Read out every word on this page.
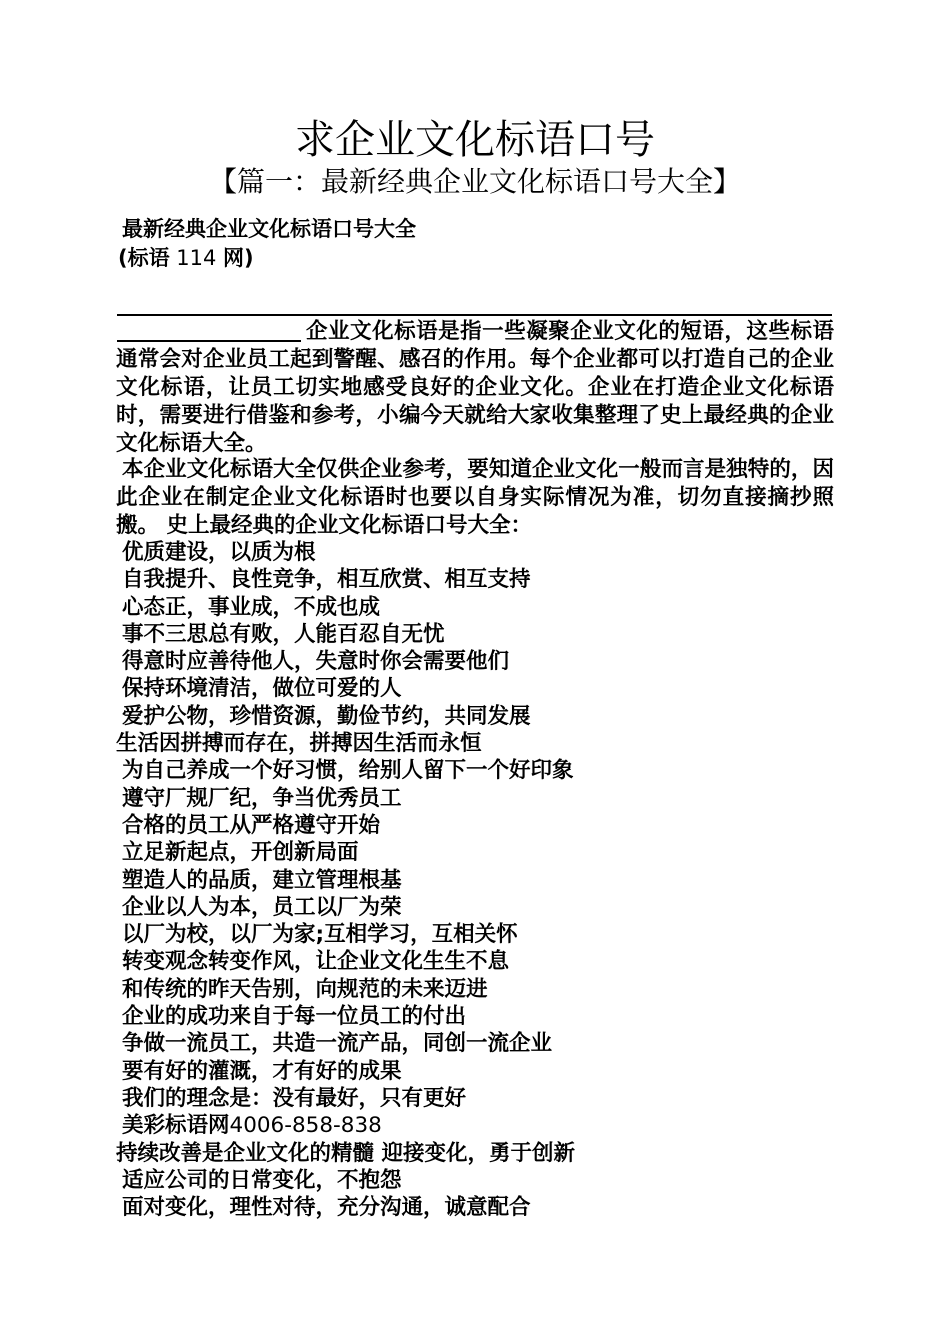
求企业文化标语口号
【篇一：最新经典企业文化标语口号大全】
最新经典企业文化标语口号大全
(标语 114 网)

企业文化标语是指一些凝聚企业文化的短语，这些标语通常会对企业员工起到警醒、感召的作用。每个企业都可以打造自己的企业文化标语，让员工切实地感受良好的企业文化。企业在打造企业文化标语时，需要进行借鉴和参考，小编今天就给大家收集整理了史上最经典的企业文化标语大全。

本企业文化标语大全仅供企业参考，要知道企业文化一般而言是独特的，因此企业在制定企业文化标语时也要以自身实际情况为准，切勿直接摘抄照搬。 史上最经典的企业文化标语口号大全：

优质建设，以质为根
自我提升、良性竞争，相互欣赏、相互支持
心态正，事业成，不成也成
事不三思总有败，人能百忍自无忧
得意时应善待他人，失意时你会需要他们
保持环境清洁，做位可爱的人
爱护公物，珍惜资源，勤俭节约，共同发展
生活因拼搏而存在，拼搏因生活而永恒
为自己养成一个好习惯，给别人留下一个好印象
遵守厂规厂纪，争当优秀员工
合格的员工从严格遵守开始
立足新起点，开创新局面
塑造人的品质，建立管理根基
企业以人为本，员工以厂为荣
以厂为校，以厂为家;互相学习，互相关怀
转变观念转变作风，让企业文化生生不息
和传统的昨天告别，向规范的未来迈进
企业的成功来自于每一位员工的付出
争做一流员工，共造一流产品，同创一流企业
要有好的灌溉，才有好的成果
我们的理念是：没有最好，只有更好
美彩标语网4006-858-838
持续改善是企业文化的精髓 迎接变化，勇于创新
适应公司的日常变化，不抱怨
面对变化，理性对待，充分沟通，诚意配合
